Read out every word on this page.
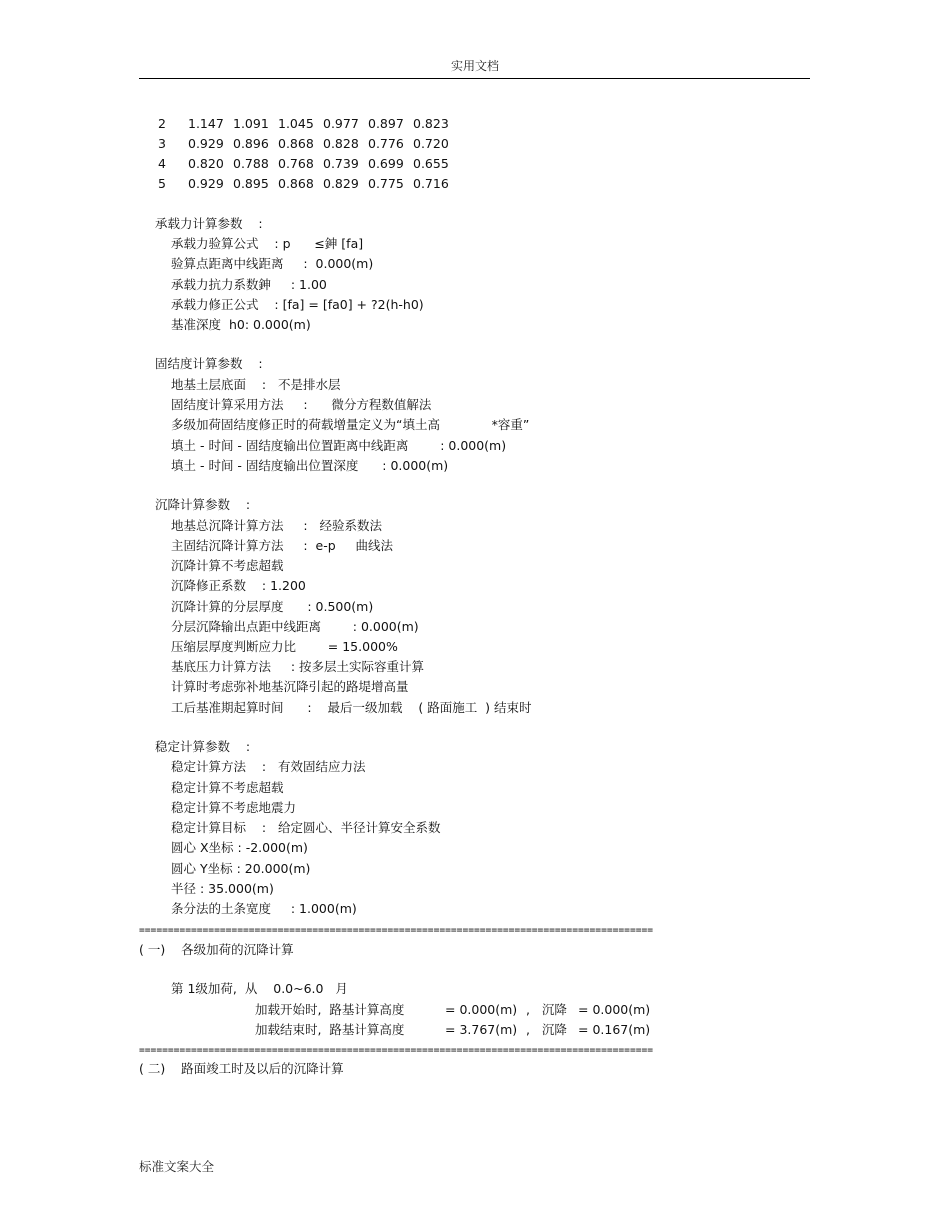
实用文档

2

1.147

1.091

1.045

0.977

0.897

0.823

3

0.929

0.896

0.868

0.828

0.776

0.720

4

0.820

0.788

0.768

0.739

0.699

0.655

5

0.929

0.895

0.868

0.829

0.775

0.716

承载力计算参数    :
承载力验算公式    : p      ≤鉮 [fa]
验算点距离中线距离     :  0.000(m)
承载力抗力系数鉮     : 1.00
承载力修正公式    : [fa] = [fa0] + ?2(h-h0)
基准深度  h0: 0.000(m)
固结度计算参数    :
地基土层底面    :   不是排水层
固结度计算采用方法     :      微分方程数值解法
多级加荷固结度修正时的荷载增量定义为“填土高             *容重”
填土 - 时间 - 固结度输出位置距离中线距离        : 0.000(m)
填土 - 时间 - 固结度输出位置深度      : 0.000(m)
沉降计算参数    :
地基总沉降计算方法     :   经验系数法
主固结沉降计算方法     :  e-p     曲线法
沉降计算不考虑超载
沉降修正系数    : 1.200
沉降计算的分层厚度      : 0.500(m)
分层沉降输出点距中线距离        : 0.000(m)
压缩层厚度判断应力比        = 15.000%
基底压力计算方法     : 按多层土实际容重计算
计算时考虑弥补地基沉降引起的路堤增高量
工后基准期起算时间      :    最后一级加载    ( 路面施工  ) 结束时
稳定计算参数    :
稳定计算方法    :   有效固结应力法
稳定计算不考虑超载
稳定计算不考虑地震力
稳定计算目标    :   给定圆心、半径计算安全系数
圆心 X坐标 : -2.000(m)
圆心 Y坐标 : 20.000(m)
半径 : 35.000(m)
条分法的土条宽度     : 1.000(m)
=========================================================================================
( 一)    各级加荷的沉降计算
第 1级加荷,  从    0.0~6.0   月
加载开始时,  路基计算高度	= 0.000(m) ,   沉降 = 0.000(m)
加载结束时,  路基计算高度	= 3.767(m) ,   沉降 = 0.167(m)
=========================================================================================
( 二)    路面竣工时及以后的沉降计算
标准文案大全
